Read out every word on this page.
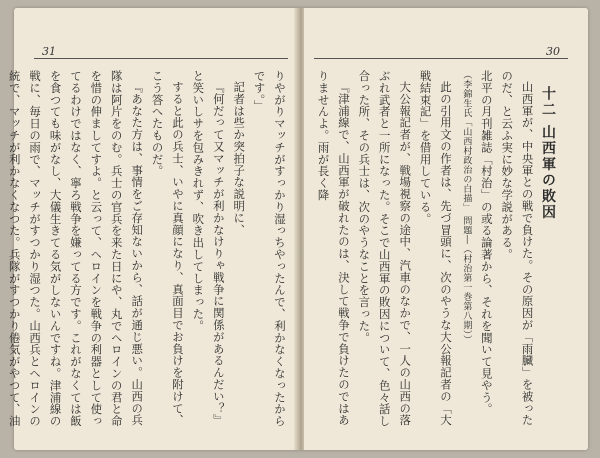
31

りやがりマッチがすっかり湿っちやったんで、利かなくなったからです。」

記者は些か突拍子な説明に、

『何だって又マッチが利かなけりゃ戦争に関係があるんだい？』

と笑いしサを包みきれず、吹き出してしまった。

すると此の兵士、いやに真顔になり、真面目でお負けを附けて、こう答へたものだ。

『あなた方は、事情をご存知ないから、話が通じ悪い。山西の兵隊は阿片をのむ。兵士の官兵を来た日にや、丸でヘロインの君と命を惜の伸ましてすよ。と云って、ヘロインを戦争の利器として使ってるわけではなく、寧ろ戦争を嫌ってる方です。これがなくては飯を食つても味がなし、大儀生きてる気がしないんですね。津浦線の戦に、毎日の雨で、マッチがすつかり湿つた。山西兵とヘロインの統で、マッチが利かなくなつた。兵隊がすつかり倦気がやつて、油

30

十二 山西軍の敗因

山西軍が、中央軍との戦で負けた。その原因が「雨臓」を被ったのだ、と云ふ実に妙な学説がある。

北平の月刊雑誌「村治」の或る論著から、それを聞いて見やう。

（李錦生氏「山西村政治の白描」 問題―（村治第一巻第八期））

此の引用文の作者は、先づ冒頭に、次のやうな大公報記者の「大戦結束記」を借用している。

大公報記者が、戦場視察の途中、汽車のなかで、一人の山西の落ぶれ武者と一所になった。そこで山西軍の敗因について、色々話し合った所、その兵士は、次のやうなことを言った。

『津浦線で、山西軍が破れたのは、決して戦争で負けたのではありませんよ。雨が長く降
